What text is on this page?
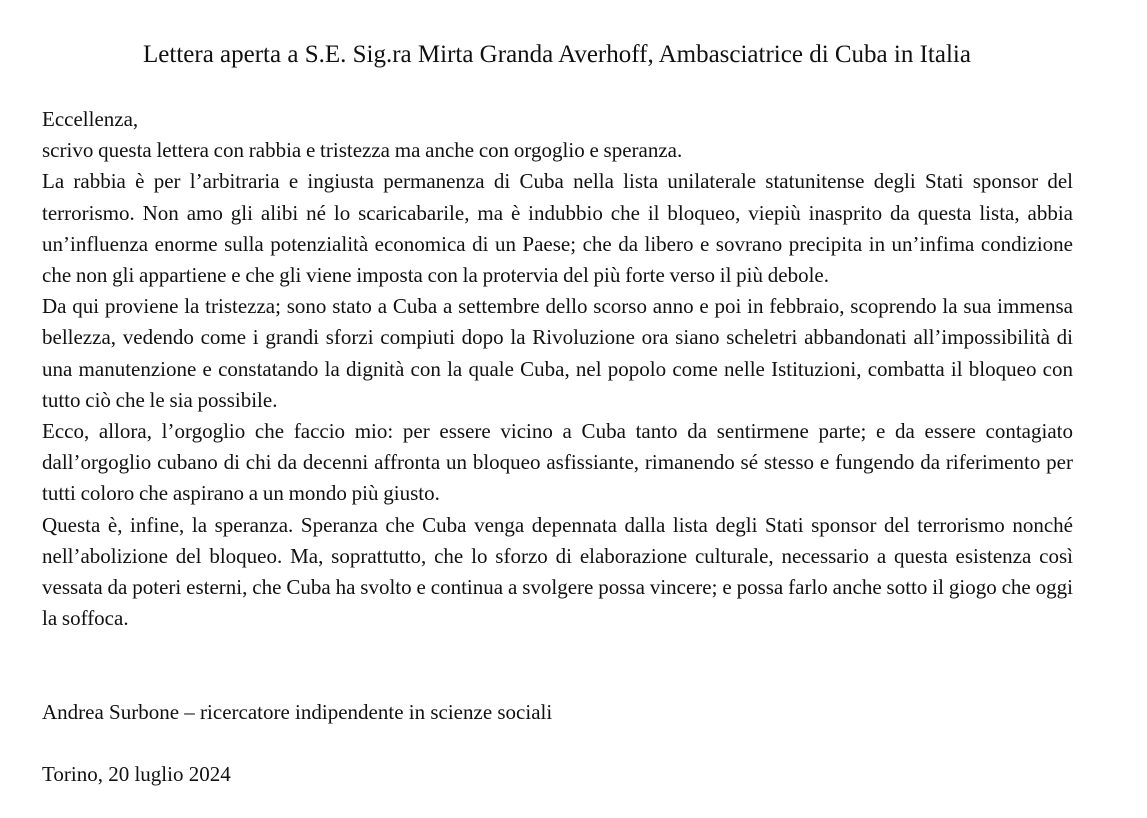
Lettera aperta a S.E. Sig.ra Mirta Granda Averhoff, Ambasciatrice di Cuba in Italia

Eccellenza,

scrivo questa lettera con rabbia e tristezza ma anche con orgoglio e speranza.

La rabbia è per l’arbitraria e ingiusta permanenza di Cuba nella lista unilaterale statunitense degli Stati sponsor del terrorismo. Non amo gli alibi né lo scaricabarile, ma è indubbio che il bloqueo, viepiù inasprito da questa lista, abbia un’influenza enorme sulla potenzialità economica di un Paese; che da libero e sovrano precipita in un’infima condizione che non gli appartiene e che gli viene imposta con la protervia del più forte verso il più debole.

Da qui proviene la tristezza; sono stato a Cuba a settembre dello scorso anno e poi in febbraio, scoprendo la sua immensa bellezza, vedendo come i grandi sforzi compiuti dopo la Rivoluzione ora siano scheletri abbandonati all’impossibilità di una manutenzione e constatando la dignità con la quale Cuba, nel popolo come nelle Istituzioni, combatta il bloqueo con tutto ciò che le sia possibile.

Ecco, allora, l’orgoglio che faccio mio: per essere vicino a Cuba tanto da sentirmene parte; e da essere contagiato dall’orgoglio cubano di chi da decenni affronta un bloqueo asfissiante, rimanendo sé stesso e fungendo da riferimento per tutti coloro che aspirano a un mondo più giusto.

Questa è, infine, la speranza. Speranza che Cuba venga depennata dalla lista degli Stati sponsor del terrorismo nonché nell’abolizione del bloqueo. Ma, soprattutto, che lo sforzo di elaborazione culturale, necessario a questa esistenza così vessata da poteri esterni, che Cuba ha svolto e continua a svolgere possa vincere; e possa farlo anche sotto il giogo che oggi la soffoca.

Andrea Surbone – ricercatore indipendente in scienze sociali

Torino, 20 luglio 2024
